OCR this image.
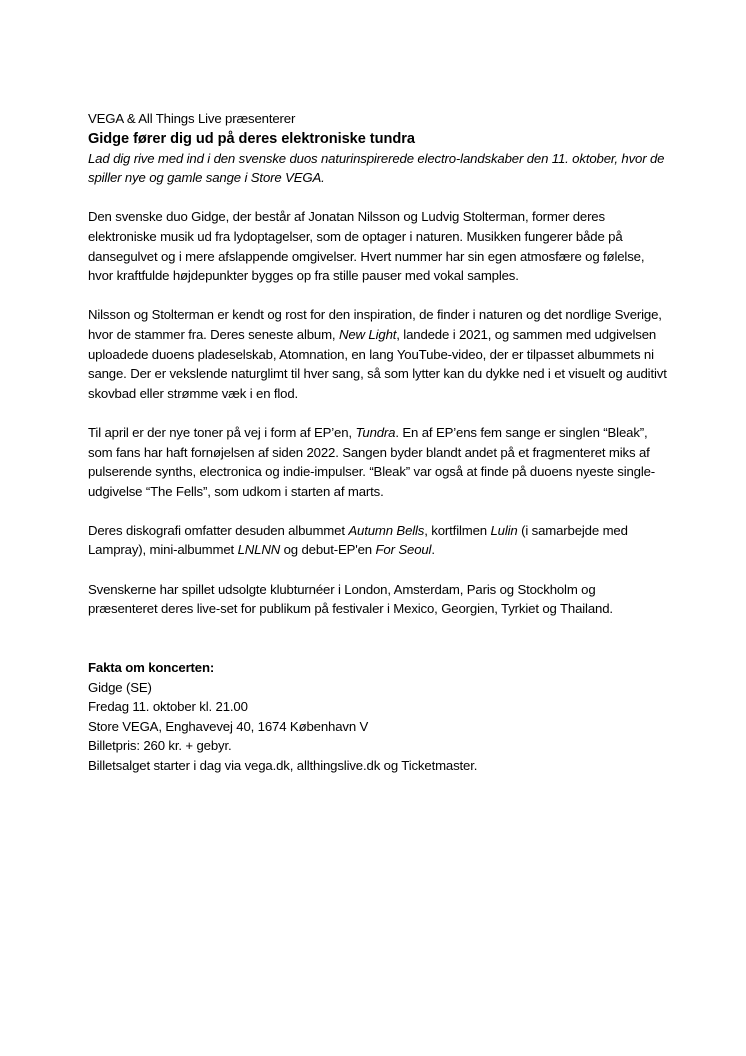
VEGA & All Things Live præsenterer

Gidge fører dig ud på deres elektroniske tundra

Lad dig rive med ind i den svenske duos naturinspirerede electro-landskaber den 11. oktober, hvor de spiller nye og gamle sange i Store VEGA.

Den svenske duo Gidge, der består af Jonatan Nilsson og Ludvig Stolterman, former deres elektroniske musik ud fra lydoptagelser, som de optager i naturen. Musikken fungerer både på dansegulvet og i mere afslappende omgivelser. Hvert nummer har sin egen atmosfære og følelse, hvor kraftfulde højdepunkter bygges op fra stille pauser med vokal samples.

Nilsson og Stolterman er kendt og rost for den inspiration, de finder i naturen og det nordlige Sverige, hvor de stammer fra. Deres seneste album, New Light, landede i 2021, og sammen med udgivelsen uploadede duoens pladeselskab, Atomnation, en lang YouTube-video, der er tilpasset albummets ni sange. Der er vekslende naturglimt til hver sang, så som lytter kan du dykke ned i et visuelt og auditivt skovbad eller strømme væk i en flod.

Til april er der nye toner på vej i form af EP’en, Tundra. En af EP’ens fem sange er singlen “Bleak”, som fans har haft fornøjelsen af siden 2022. Sangen byder blandt andet på et fragmenteret miks af pulserende synths, electronica og indie-impulser. “Bleak” var også at finde på duoens nyeste single-udgivelse “The Fells”, som udkom i starten af marts.

Deres diskografi omfatter desuden albummet Autumn Bells, kortfilmen Lulin (i samarbejde med Lampray), mini-albummet LNLNN og debut-EP'en For Seoul.

Svenskerne har spillet udsolgte klubturnéer i London, Amsterdam, Paris og Stockholm og præsenteret deres live-set for publikum på festivaler i Mexico, Georgien, Tyrkiet og Thailand.

Fakta om koncerten:

Gidge (SE)

Fredag 11. oktober kl. 21.00

Store VEGA, Enghavevej 40, 1674 København V

Billetpris: 260 kr. + gebyr.

Billetsalget starter i dag via vega.dk, allthingslive.dk og Ticketmaster.
